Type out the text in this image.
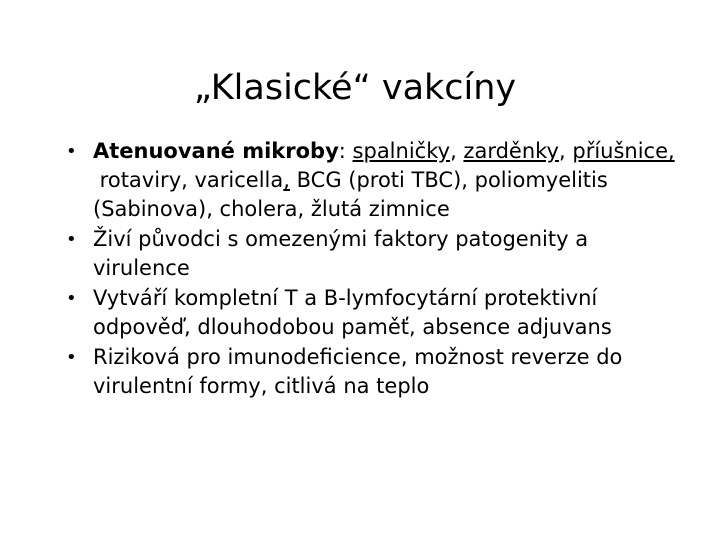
„Klasické“ vakcíny
• Atenuované mikroby: spalničky, zarděnky, příušnice, rotaviry, varicella, BCG (proti TBC), poliomyelitis (Sabinova), cholera, žlutá zimnice
• Živí původci s omezenými faktory patogenity a virulence
• Vytváří kompletní T a B-lymfocytární protektivní odpověď, dlouhodobou paměť, absence adjuvans
• Riziková pro imunodeficience, možnost reverze do virulentní formy, citlivá na teplo
